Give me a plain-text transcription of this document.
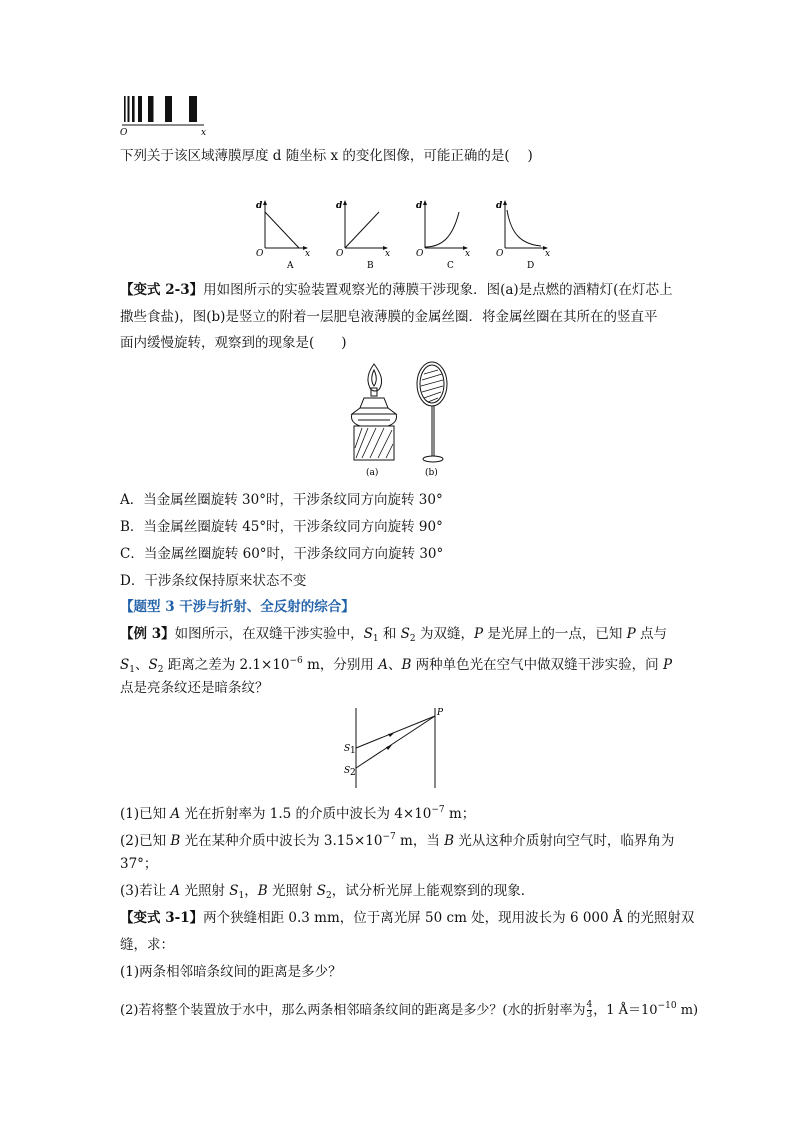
O	x
下列关于该区域薄膜厚度 d 随坐标 x 的变化图像，可能正确的是(　 )
d
x
O
A
d
x
O
B
d
x
O
C
d
x
O
D
【变式 2-3】用如图所示的实验装置观察光的薄膜干涉现象．图(a)是点燃的酒精灯(在灯芯上
撒些食盐)，图(b)是竖立的附着一层肥皂液薄膜的金属丝圈．将金属丝圈在其所在的竖直平
面内缓慢旋转，观察到的现象是(　　)
(a)	(b)
A．当金属丝圈旋转 30°时，干涉条纹同方向旋转 30°
B．当金属丝圈旋转 45°时，干涉条纹同方向旋转 90°
C．当金属丝圈旋转 60°时，干涉条纹同方向旋转 30°
D．干涉条纹保持原来状态不变
【题型 3 干涉与折射、全反射的综合】
【例 3】如图所示，在双缝干涉实验中，$S_1$ 和 $S_2$ 为双缝，P 是光屏上的一点，已知 P 点与
$S_1$、$S_2$ 距离之差为 $2.1\times 10^{-6}$ m，分别用 A、B 两种单色光在空气中做双缝干涉实验，问 P
点是亮条纹还是暗条纹？
P
S 1
S 2
(1)已知 A 光在折射率为 1.5 的介质中波长为 $4\times 10^{-7}$ m；
(2)已知 B 光在某种介质中波长为 $3.15\times 10^{-7}$ m，当 B 光从这种介质射向空气时，临界角为
37°；
(3)若让 A 光照射 $S_1$，B 光照射 $S_2$，试分析光屏上能观察到的现象．
【变式 3-1】两个狭缝相距 0.3 mm，位于离光屏 50 cm 处，现用波长为 6 000 Å 的光照射双
缝，求：
(1)两条相邻暗条纹间的距离是多少？
(2)若将整个装置放于水中，那么两条相邻暗条纹间的距离是多少？(水的折射率为 $\frac{4}{3}$ ，1 $Å=10^{-10}$ m)
